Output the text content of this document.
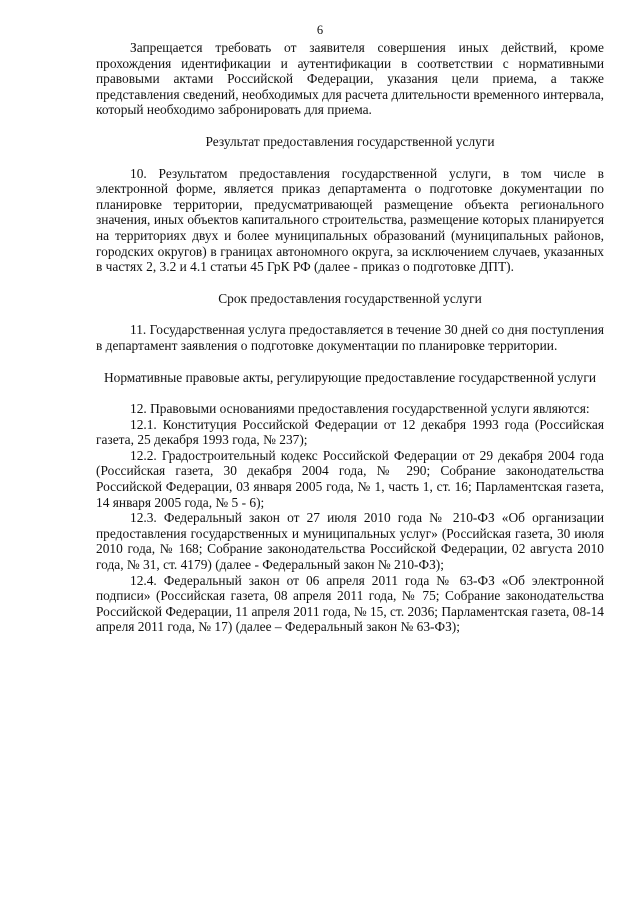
6

Запрещается требовать от заявителя совершения иных действий, кроме прохождения идентификации и аутентификации в соответствии с нормативными правовыми актами Российской Федерации, указания цели приема, а также представления сведений, необходимых для расчета длительности временного интервала, который необходимо забронировать для приема.

Результат предоставления государственной услуги

10. Результатом предоставления государственной услуги, в том числе в электронной форме, является приказ департамента о подготовке документации по планировке территории, предусматривающей размещение объекта регионального значения, иных объектов капитального строительства, размещение которых планируется на территориях двух и более муниципальных образований (муниципальных районов, городских округов) в границах автономного округа, за исключением случаев, указанных в частях 2, 3.2 и 4.1 статьи 45 ГрК РФ (далее - приказ о подготовке ДПТ).

Срок предоставления государственной услуги

11. Государственная услуга предоставляется в течение 30 дней со дня поступления в департамент заявления о подготовке документации по планировке территории.

Нормативные правовые акты, регулирующие предоставление государственной услуги

12. Правовыми основаниями предоставления государственной услуги являются:

12.1. Конституция Российской Федерации от 12 декабря 1993 года (Российская газета, 25 декабря 1993 года, № 237);

12.2. Градостроительный кодекс Российской Федерации от 29 декабря 2004 года (Российская газета, 30 декабря 2004 года, № 290; Собрание законодательства Российской Федерации, 03 января 2005 года, № 1, часть 1, ст. 16; Парламентская газета, 14 января 2005 года, № 5 - 6);

12.3. Федеральный закон от 27 июля 2010 года № 210-ФЗ «Об организации предоставления государственных и муниципальных услуг» (Российская газета, 30 июля 2010 года, № 168; Собрание законодательства Российской Федерации, 02 августа 2010 года, № 31, ст. 4179) (далее - Федеральный закон № 210-ФЗ);

12.4. Федеральный закон от 06 апреля 2011 года № 63-ФЗ «Об электронной подписи» (Российская газета, 08 апреля 2011 года, № 75; Собрание законодательства Российской Федерации, 11 апреля 2011 года, № 15, ст. 2036; Парламентская газета, 08-14 апреля 2011 года, № 17) (далее – Федеральный закон № 63-ФЗ);
